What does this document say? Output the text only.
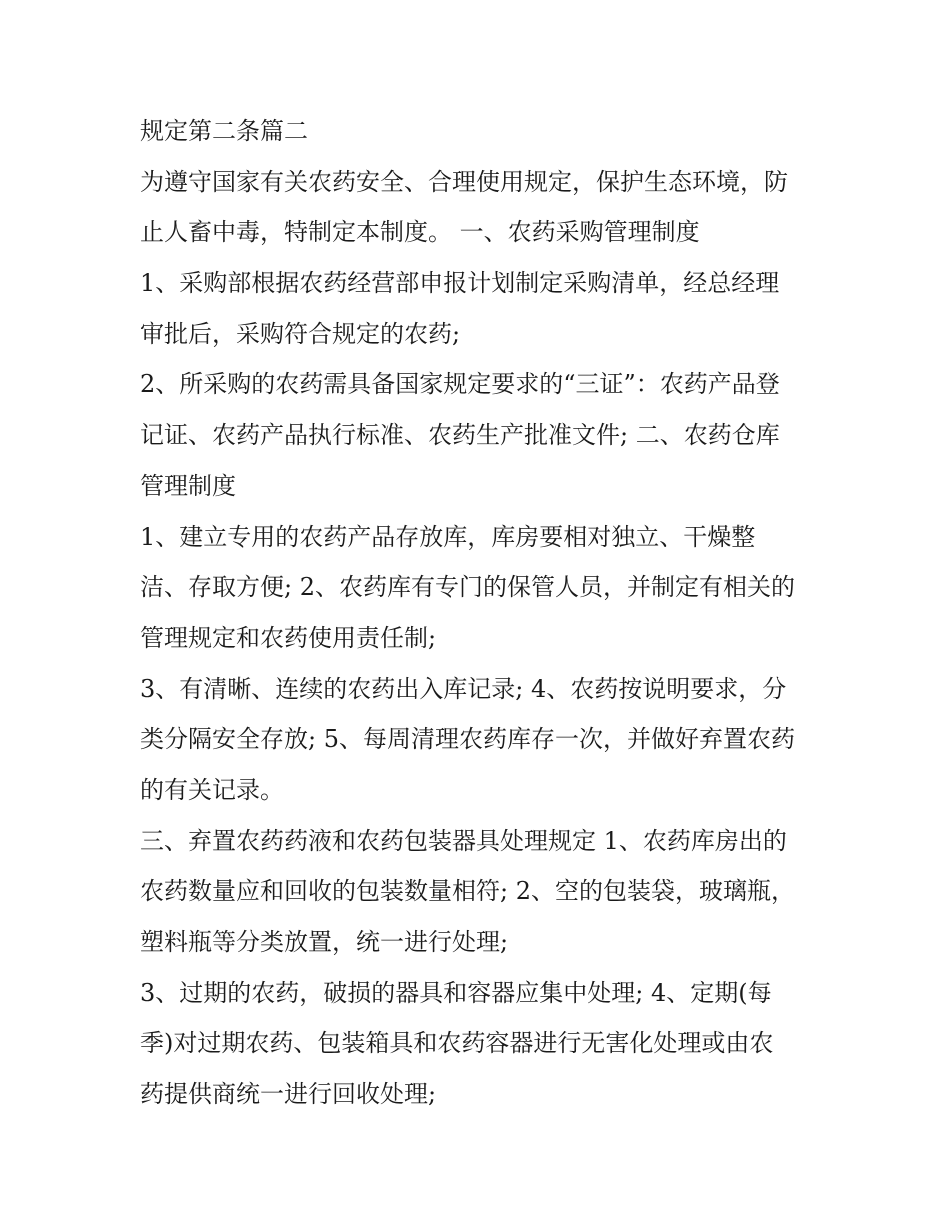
规定第二条篇二
为遵守国家有关农药安全、合理使用规定，保护生态环境，防
止人畜中毒，特制定本制度。 一、农药采购管理制度
1、采购部根据农药经营部申报计划制定采购清单，经总经理
审批后，采购符合规定的农药;
2、所采购的农药需具备国家规定要求的“三证”：农药产品登
记证、农药产品执行标准、农药生产批准文件; 二、农药仓库
管理制度
1、建立专用的农药产品存放库，库房要相对独立、干燥整
洁、存取方便; 2、农药库有专门的保管人员，并制定有相关的
管理规定和农药使用责任制;
3、有清晰、连续的农药出入库记录; 4、农药按说明要求，分
类分隔安全存放; 5、每周清理农药库存一次，并做好弃置农药
的有关记录。
三、弃置农药药液和农药包装器具处理规定 1、农药库房出的
农药数量应和回收的包装数量相符; 2、空的包装袋，玻璃瓶，
塑料瓶等分类放置，统一进行处理;
3、过期的农药，破损的器具和容器应集中处理; 4、定期(每
季)对过期农药、包装箱具和农药容器进行无害化处理或由农
药提供商统一进行回收处理;
